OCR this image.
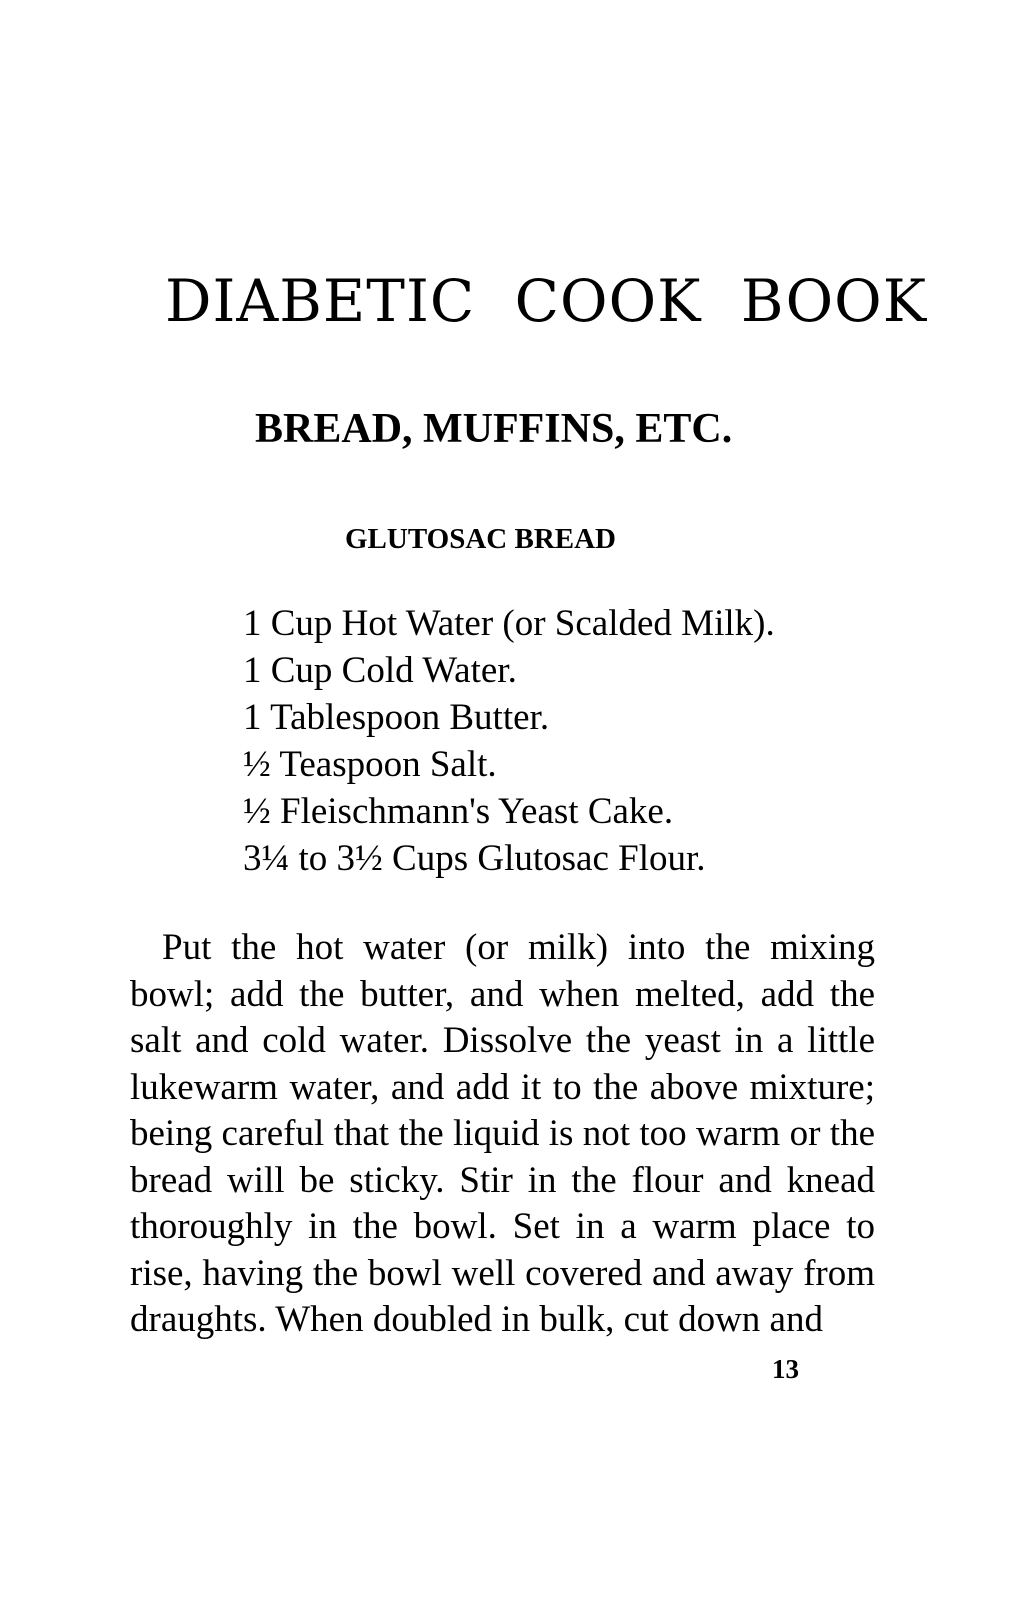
DIABETIC COOK BOOK
BREAD, MUFFINS, ETC.
GLUTOSAC BREAD
1 Cup Hot Water (or Scalded Milk).
1 Cup Cold Water.
1 Tablespoon Butter.
½ Teaspoon Salt.
½ Fleischmann's Yeast Cake.
3¼ to 3½ Cups Glutosac Flour.

Put the hot water (or milk) into the mixing bowl; add the butter, and when melted, add the salt and cold water. Dissolve the yeast in a little lukewarm water, and add it to the above mixture; being careful that the liquid is not too warm or the bread will be sticky. Stir in the flour and knead thoroughly in the bowl. Set in a warm place to rise, having the bowl well covered and away from draughts. When doubled in bulk, cut down and

13
